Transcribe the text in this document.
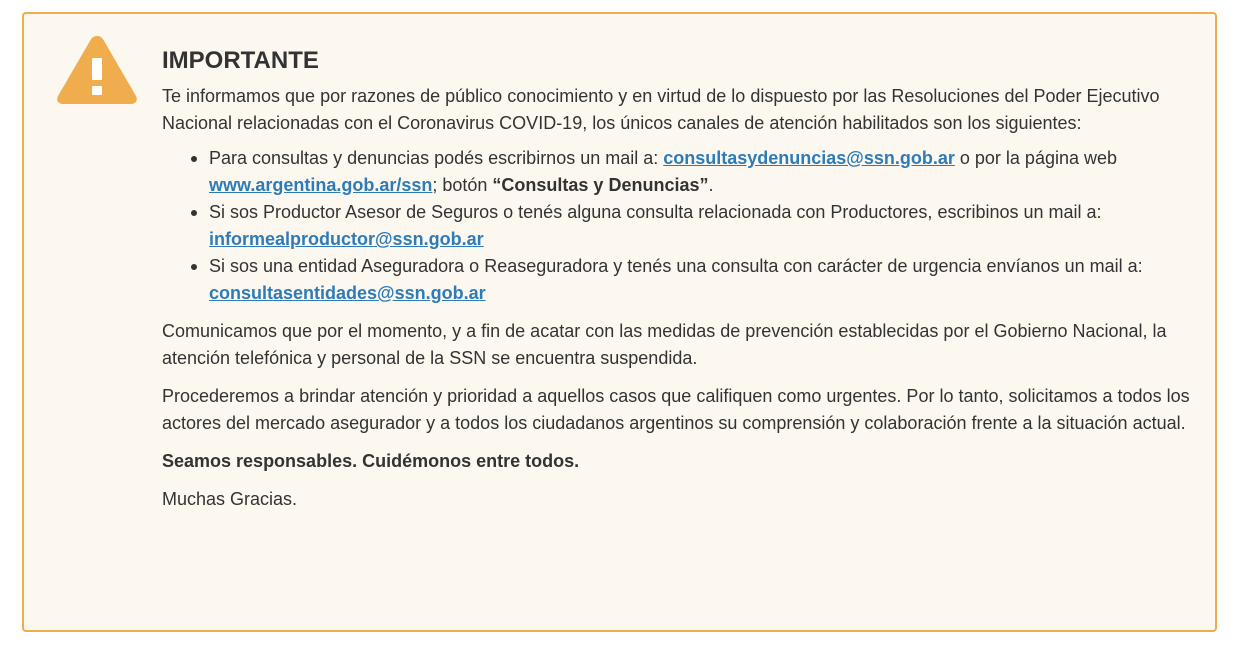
IMPORTANTE

Te informamos que por razones de público conocimiento y en virtud de lo dispuesto por las Resoluciones del Poder Ejecutivo Nacional relacionadas con el Coronavirus COVID-19, los únicos canales de atención habilitados son los siguientes:

Para consultas y denuncias podés escribirnos un mail a: consultasydenuncias@ssn.gob.ar o por la página web www.argentina.gob.ar/ssn; botón “Consultas y Denuncias”.
Si sos Productor Asesor de Seguros o tenés alguna consulta relacionada con Productores, escribinos un mail a: informealproductor@ssn.gob.ar
Si sos una entidad Aseguradora o Reaseguradora y tenés una consulta con carácter de urgencia envíanos un mail a: consultasentidades@ssn.gob.ar

Comunicamos que por el momento, y a fin de acatar con las medidas de prevención establecidas por el Gobierno Nacional, la atención telefónica y personal de la SSN se encuentra suspendida.

Procederemos a brindar atención y prioridad a aquellos casos que califiquen como urgentes. Por lo tanto, solicitamos a todos los actores del mercado asegurador y a todos los ciudadanos argentinos su comprensión y colaboración frente a la situación actual.

Seamos responsables. Cuidémonos entre todos.

Muchas Gracias.
